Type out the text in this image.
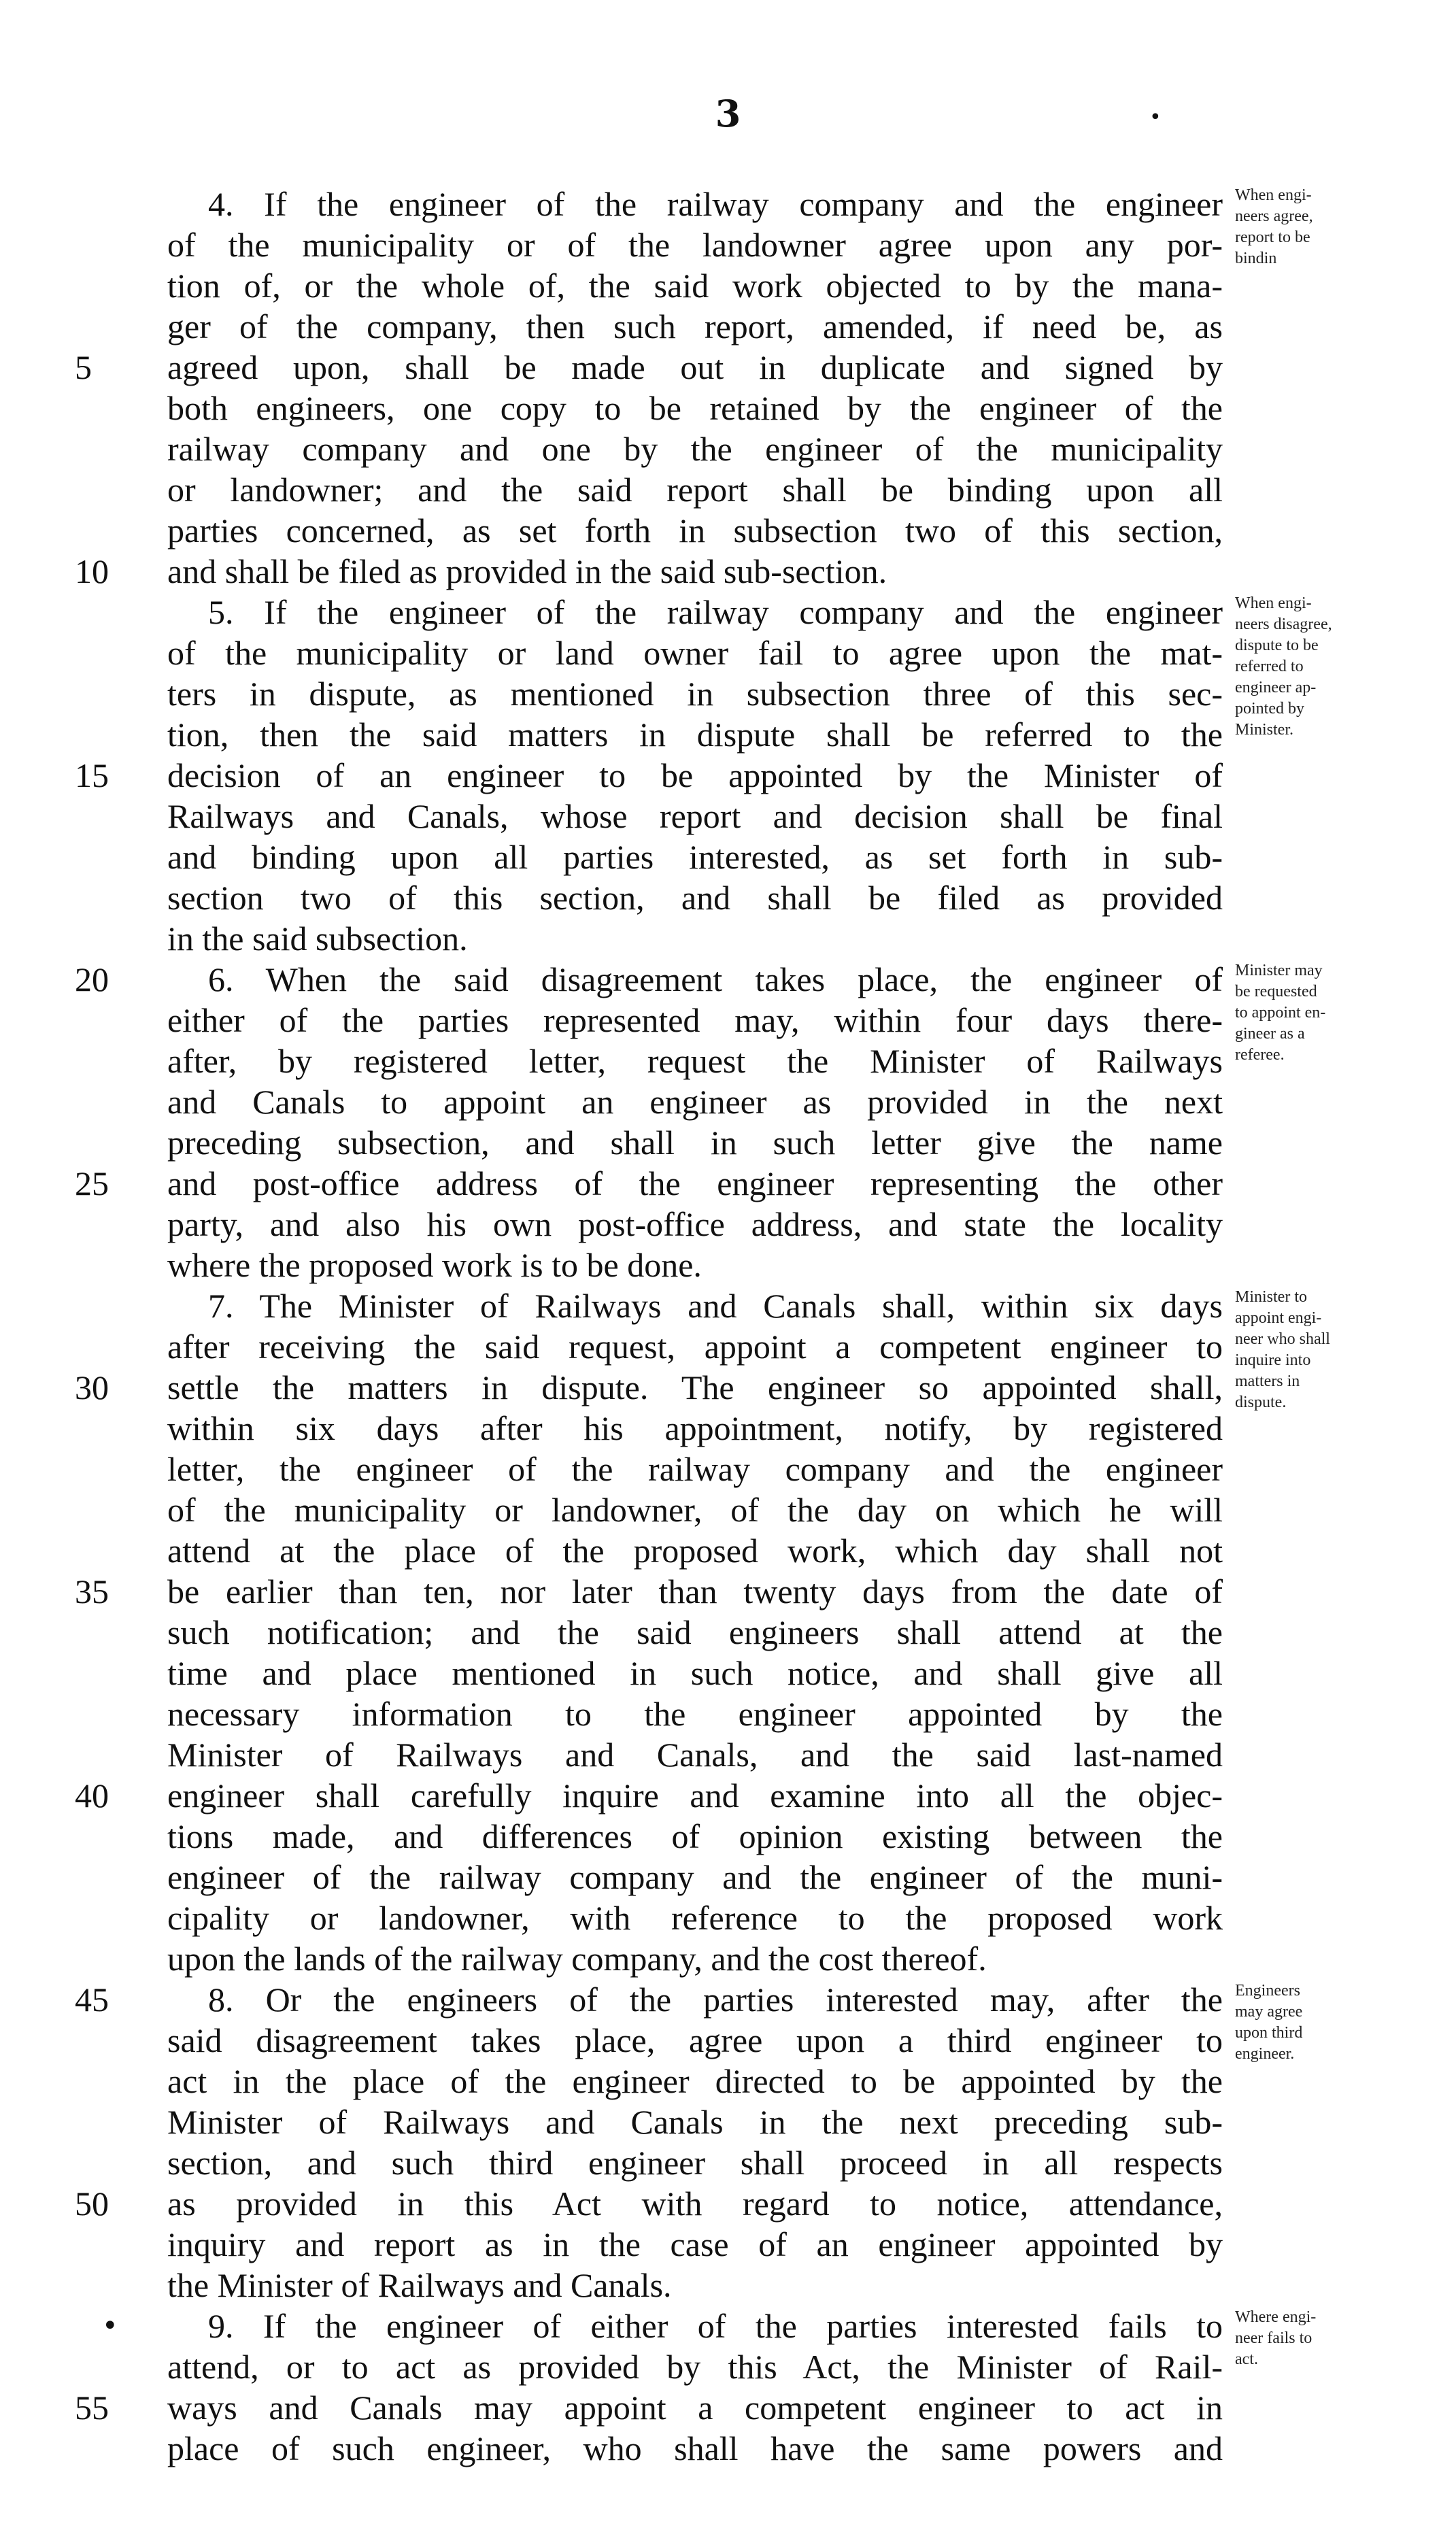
3	•
4. If the engineer of the railway company and the engineer
of the municipality or of the landowner agree upon any por-
tion of, or the whole of, the said work objected to by the mana-
ger of the company, then such report, amended, if need be, as
agreed upon, shall be made out in duplicate and signed by
both engineers, one copy to be retained by the engineer of the
railway company and one by the engineer of the municipality
or landowner; and the said report shall be binding upon all
parties concerned, as set forth in subsection two of this section,
and shall be filed as provided in the said sub-section.
5. If the engineer of the railway company and the engineer
of the municipality or land owner fail to agree upon the mat-
ters in dispute, as mentioned in subsection three of this sec-
tion, then the said matters in dispute shall be referred to the
decision of an engineer to be appointed by the Minister of
Railways and Canals, whose report and decision shall be final
and binding upon all parties interested, as set forth in sub-
section two of this section, and shall be filed as provided
in the said subsection.
6. When the said disagreement takes place, the engineer of
either of the parties represented may, within four days there-
after, by registered letter, request the Minister of Railways
and Canals to appoint an engineer as provided in the next
preceding subsection, and shall in such letter give the name
and post-office address of the engineer representing the other
party, and also his own post-office address, and state the locality
where the proposed work is to be done.
7. The Minister of Railways and Canals shall, within six days
after receiving the said request, appoint a competent engineer to
settle the matters in dispute. The engineer so appointed shall,
within six days after his appointment, notify, by registered
letter, the engineer of the railway company and the engineer
of the municipality or landowner, of the day on which he will
attend at the place of the proposed work, which day shall not
be earlier than ten, nor later than twenty days from the date of
such notification; and the said engineers shall attend at the
time and place mentioned in such notice, and shall give all
necessary information to the engineer appointed by the
Minister of Railways and Canals, and the said last-named
engineer shall carefully inquire and examine into all the objec-
tions made, and differences of opinion existing between the
engineer of the railway company and the engineer of the muni-
cipality or landowner, with reference to the proposed work
upon the lands of the railway company, and the cost thereof.
8. Or the engineers of the parties interested may, after the
said disagreement takes place, agree upon a third engineer to
act in the place of the engineer directed to be appointed by the
Minister of Railways and Canals in the next preceding sub-
section, and such third engineer shall proceed in all respects
as provided in this Act with regard to notice, attendance,
inquiry and report as in the case of an engineer appointed by
the Minister of Railways and Canals.
9. If the engineer of either of the parties interested fails to
attend, or to act as provided by this Act, the Minister of Rail-
ways and Canals may appoint a competent engineer to act in
place of such engineer, who shall have the same powers and
5
10
15
20
25
30
35
40
45
50
55
•
When engi-
neers agree,
report to be
bindin
When engi-
neers disagree,
dispute to be
referred to
engineer ap-
pointed by
Minister.
Minister may
be requested
to appoint en-
gineer as a
referee.
Minister to
appoint engi-
neer who shall
inquire into
matters in
dispute.
Engineers
may agree
upon third
engineer.
Where engi-
neer fails to
act.
